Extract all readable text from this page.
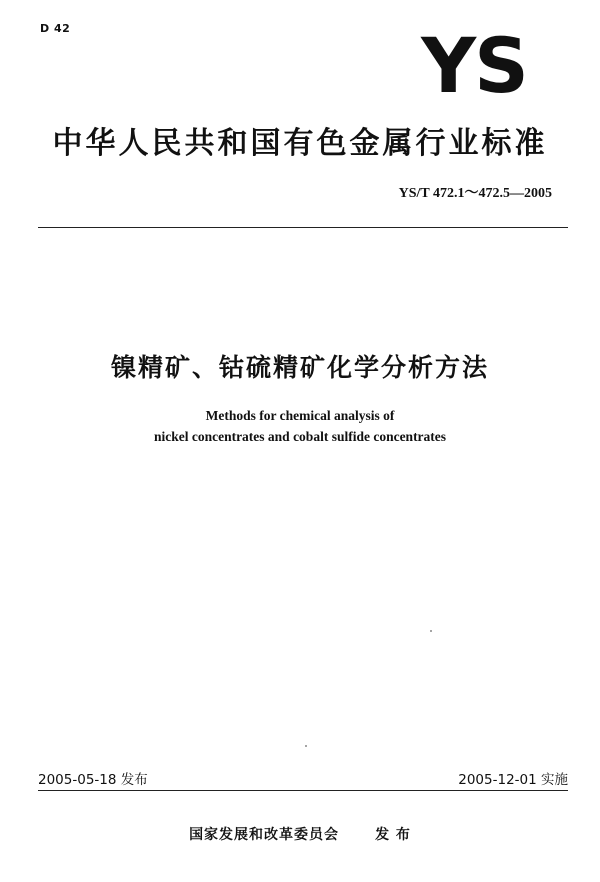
D 42	YS
中华人民共和国有色金属行业标准
YS/T 472.1～472.5—2005
镍精矿、钴硫精矿化学分析方法
Methods for chemical analysis of
nickel concentrates and cobalt sulfide concentrates
2005-05-18 发布	2005-12-01 实施
国家发展和改革委员会	发 布
